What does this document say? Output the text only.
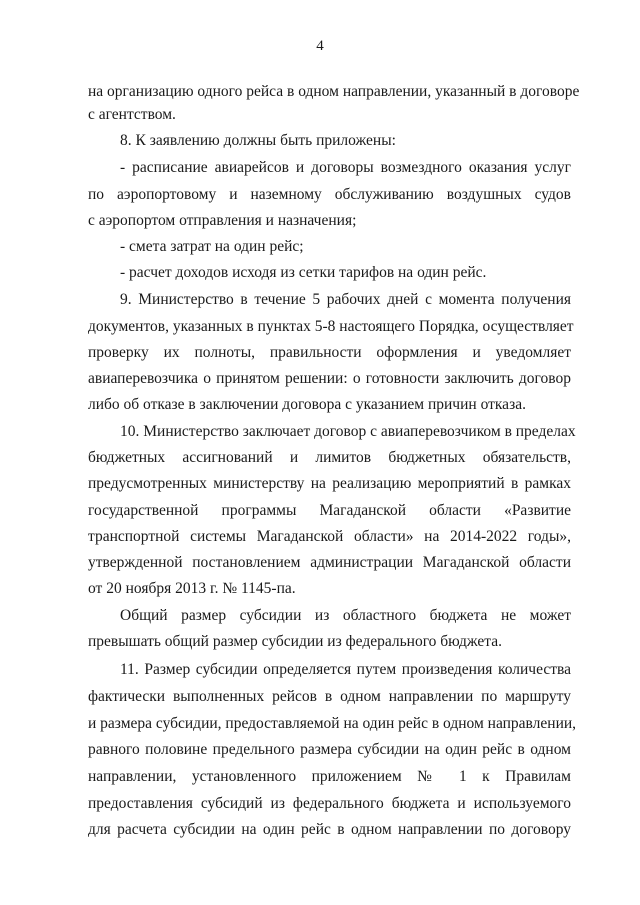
4
на организацию одного рейса в одном направлении, указанный в договоре
с агентством.
8. К заявлению должны быть приложены:
- расписание авиарейсов и договоры возмездного оказания услуг
по аэропортовому и наземному обслуживанию воздушных судов
с аэропортом отправления и назначения;
- смета затрат на один рейс;
- расчет доходов исходя из сетки тарифов на один рейс.
9. Министерство в течение 5 рабочих дней с момента получения
документов, указанных в пунктах 5-8 настоящего Порядка, осуществляет
проверку их полноты, правильности оформления и уведомляет
авиаперевозчика о принятом решении: о готовности заключить договор
либо об отказе в заключении договора с указанием причин отказа.
10. Министерство заключает договор с авиаперевозчиком в пределах
бюджетных ассигнований и лимитов бюджетных обязательств,
предусмотренных министерству на реализацию мероприятий в рамках
государственной программы Магаданской области «Развитие
транспортной системы Магаданской области» на 2014-2022 годы»,
утвержденной постановлением администрации Магаданской области
от 20 ноября 2013 г. № 1145-па.
Общий размер субсидии из областного бюджета не может
превышать общий размер субсидии из федерального бюджета.
11. Размер субсидии определяется путем произведения количества
фактически выполненных рейсов в одном направлении по маршруту
и размера субсидии, предоставляемой на один рейс в одном направлении,
равного половине предельного размера субсидии на один рейс в одном
направлении, установленного приложением № 1 к Правилам
предоставления субсидий из федерального бюджета и используемого
для расчета субсидии на один рейс в одном направлении по договору
